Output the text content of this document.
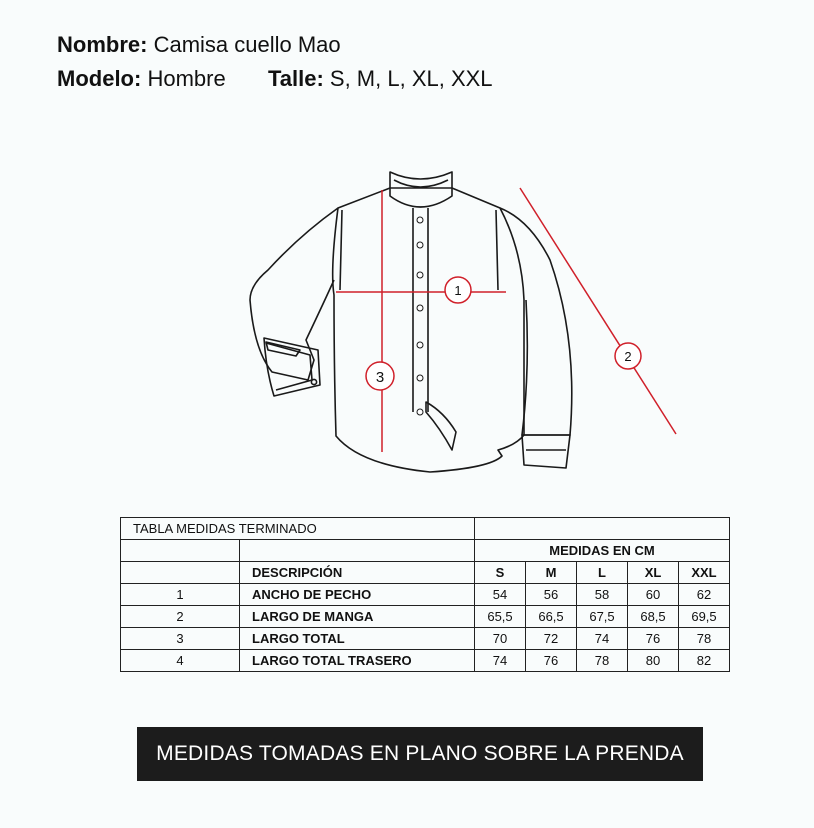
Nombre: Camisa cuello Mao
Modelo: Hombre Talle: S, M, L, XL, XXL
1
2
3
TABLA MEDIDAS TERMINADO						
		MEDIDAS EN CM				
	DESCRIPCIÓN	S	M	L	XL	XXL
1	ANCHO DE PECHO	54	56	58	60	62
2	LARGO DE MANGA	65,5	66,5	67,5	68,5	69,5
3	LARGO TOTAL	70	72	74	76	78
4	LARGO TOTAL TRASERO	74	76	78	80	82
MEDIDAS TOMADAS EN PLANO SOBRE LA PRENDA
